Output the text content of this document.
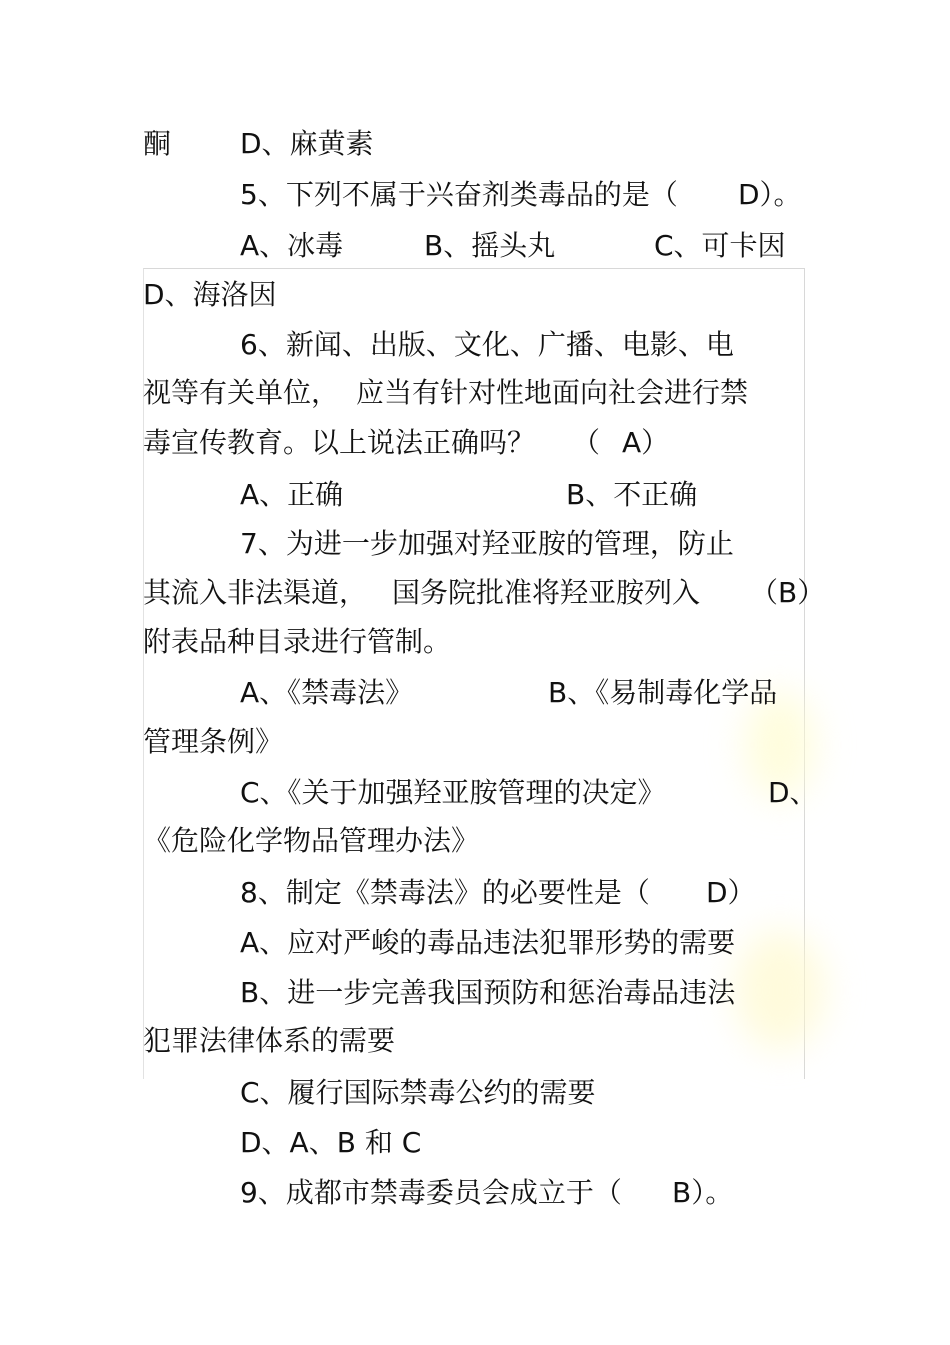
酮 D、麻黄素
5、下列不属于兴奋剂类毒品的是（ D）。
A、冰毒	B、摇头丸	C、可卡因
D、海洛因
6、新闻、出版、文化、广播、电影、电
视等有关单位， 应当有针对性地面向社会进行禁
毒宣传教育。以上说法正确吗？ （ A）
A、正确	B、不正确
7、为进一步加强对羟亚胺的管理，防止
其流入非法渠道， 国务院批准将羟亚胺列入 （B）
附表品种目录进行管制。
A、《禁毒法》	B、《易制毒化学品
管理条例》
C、《关于加强羟亚胺管理的决定》	D、
《危险化学物品管理办法》
8、制定《禁毒法》的必要性是（ D）
A、应对严峻的毒品违法犯罪形势的需要
B、进一步完善我国预防和惩治毒品违法
犯罪法律体系的需要
C、履行国际禁毒公约的需要
D、A、B 和 C
9、成都市禁毒委员会成立于（ B）。
